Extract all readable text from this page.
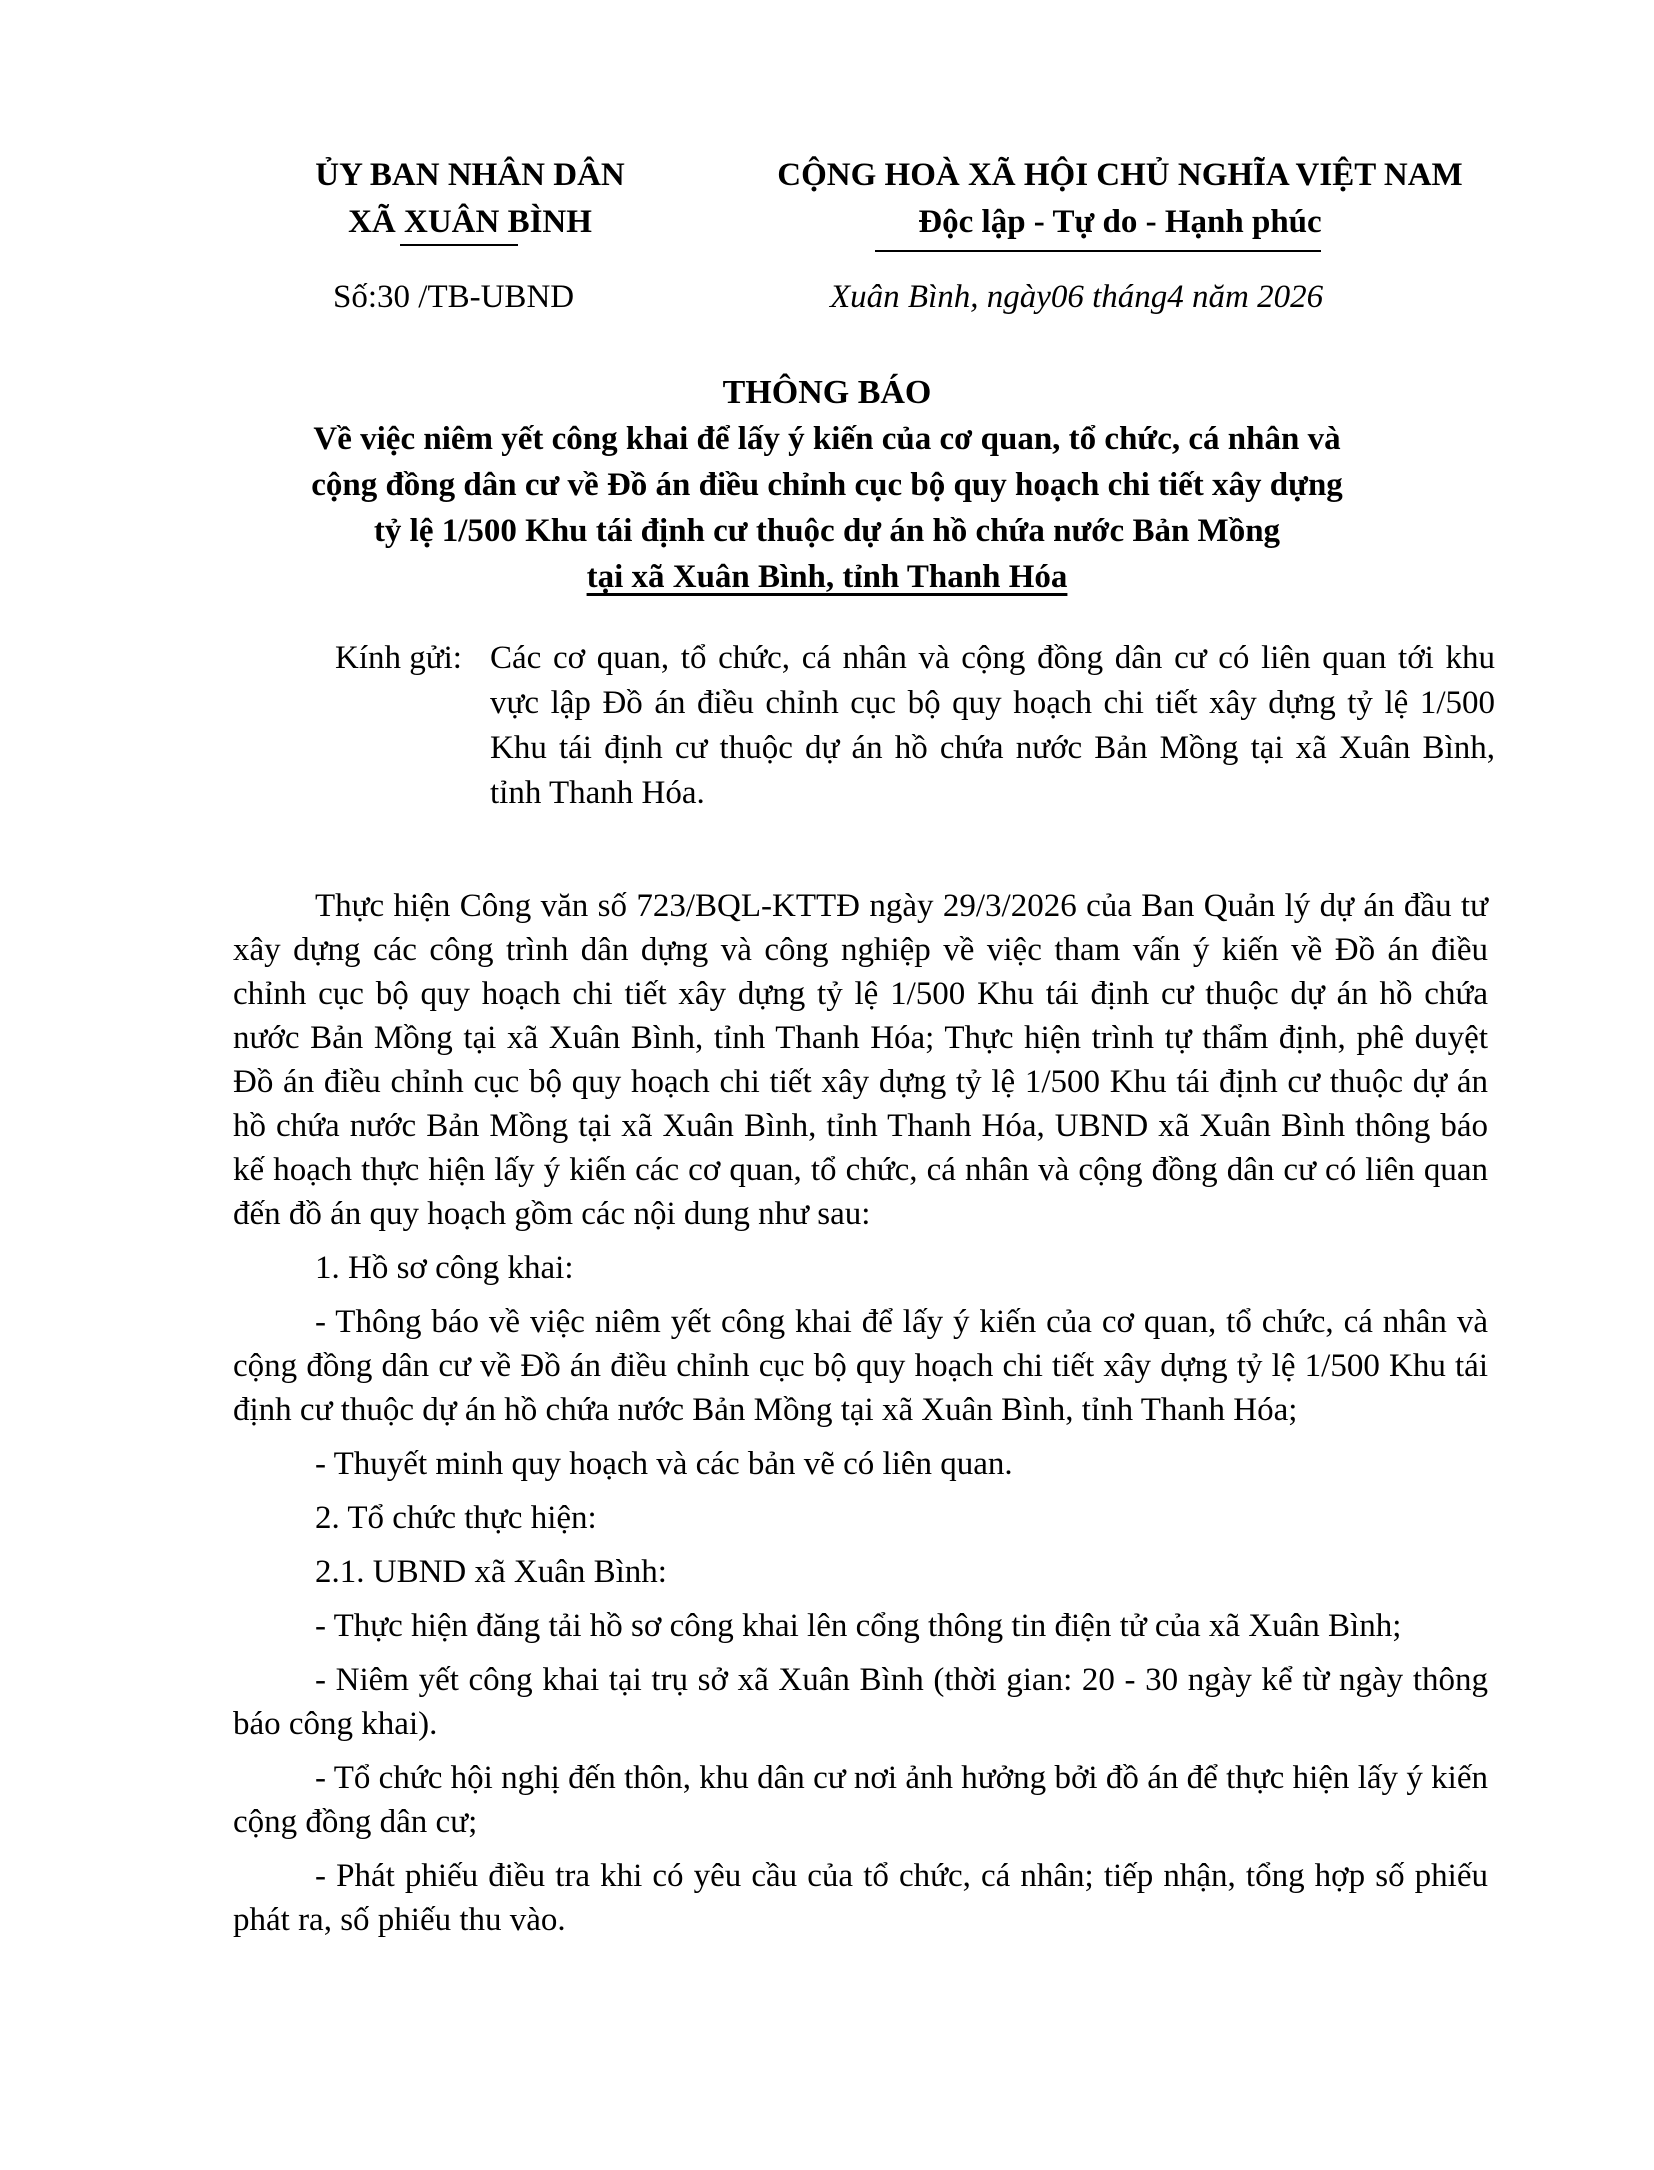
ỦY BAN NHÂN DÂN
XÃ XUÂN BÌNH
CỘNG HOÀ XÃ HỘI CHỦ NGHĨA VIỆT NAM
Độc lập - Tự do - Hạnh phúc
Số:30 /TB-UBND	Xuân Bình, ngày06 tháng4 năm 2026
THÔNG BÁO
Về việc niêm yết công khai để lấy ý kiến của cơ quan, tổ chức, cá nhân và
cộng đồng dân cư về Đồ án điều chỉnh cục bộ quy hoạch chi tiết xây dựng
tỷ lệ 1/500 Khu tái định cư thuộc dự án hồ chứa nước Bản Mồng
tại xã Xuân Bình, tỉnh Thanh Hóa
Kính gửi: Các cơ quan, tổ chức, cá nhân và cộng đồng dân cư có liên quan tới khu vực lập Đồ án điều chỉnh cục bộ quy hoạch chi tiết xây dựng tỷ lệ 1/500 Khu tái định cư thuộc dự án hồ chứa nước Bản Mồng tại xã Xuân Bình, tỉnh Thanh Hóa.

Thực hiện Công văn số 723/BQL-KTTĐ ngày 29/3/2026 của Ban Quản lý dự án đầu tư xây dựng các công trình dân dựng và công nghiệp về việc tham vấn ý kiến về Đồ án điều chỉnh cục bộ quy hoạch chi tiết xây dựng tỷ lệ 1/500 Khu tái định cư thuộc dự án hồ chứa nước Bản Mồng tại xã Xuân Bình, tỉnh Thanh Hóa; Thực hiện trình tự thẩm định, phê duyệt Đồ án điều chỉnh cục bộ quy hoạch chi tiết xây dựng tỷ lệ 1/500 Khu tái định cư thuộc dự án hồ chứa nước Bản Mồng tại xã Xuân Bình, tỉnh Thanh Hóa, UBND xã Xuân Bình thông báo kế hoạch thực hiện lấy ý kiến các cơ quan, tổ chức, cá nhân và cộng đồng dân cư có liên quan đến đồ án quy hoạch gồm các nội dung như sau:

1. Hồ sơ công khai:

- Thông báo về việc niêm yết công khai để lấy ý kiến của cơ quan, tổ chức, cá nhân và cộng đồng dân cư về Đồ án điều chỉnh cục bộ quy hoạch chi tiết xây dựng tỷ lệ 1/500 Khu tái định cư thuộc dự án hồ chứa nước Bản Mồng tại xã Xuân Bình, tỉnh Thanh Hóa;

- Thuyết minh quy hoạch và các bản vẽ có liên quan.

2. Tổ chức thực hiện:

2.1. UBND xã Xuân Bình:

- Thực hiện đăng tải hồ sơ công khai lên cổng thông tin điện tử của xã Xuân Bình;

- Niêm yết công khai tại trụ sở xã Xuân Bình (thời gian: 20 - 30 ngày kể từ ngày thông báo công khai).

- Tổ chức hội nghị đến thôn, khu dân cư nơi ảnh hưởng bởi đồ án để thực hiện lấy ý kiến cộng đồng dân cư;

- Phát phiếu điều tra khi có yêu cầu của tổ chức, cá nhân; tiếp nhận, tổng hợp số phiếu phát ra, số phiếu thu vào.
